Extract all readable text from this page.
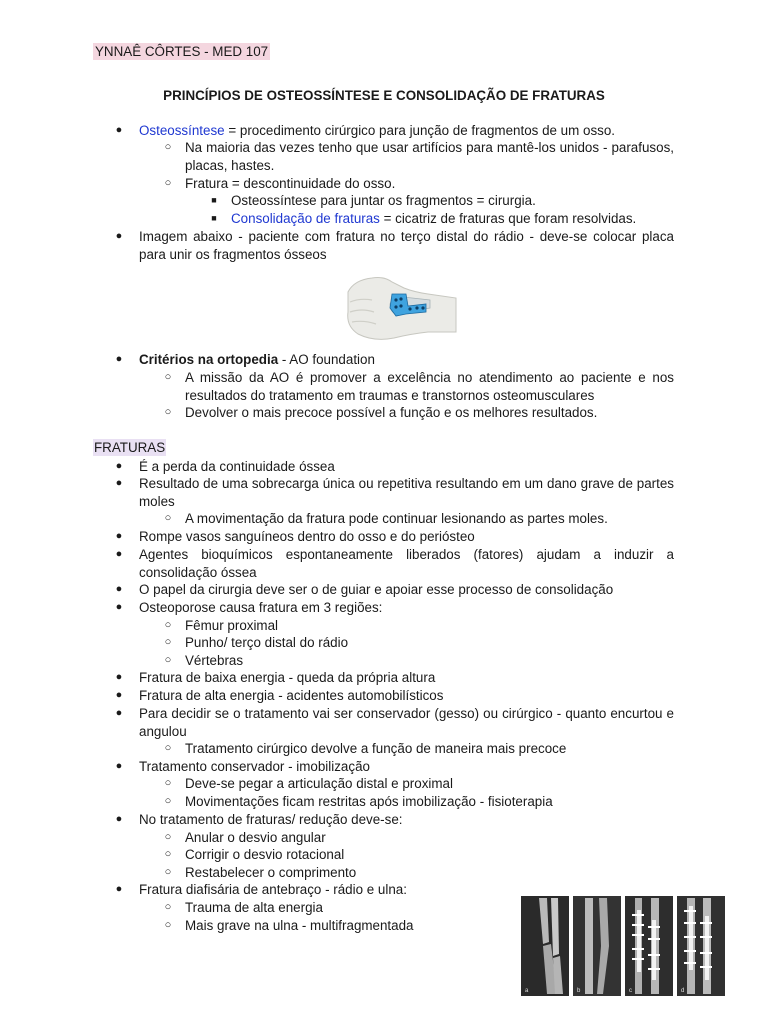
YNNAÊ CÔRTES - MED 107
PRINCÍPIOS DE OSTEOSSÍNTESE E CONSOLIDAÇÃO DE FRATURAS
● Osteossíntese = procedimento cirúrgico para junção de fragmentos de um osso.
○ Na maioria das vezes tenho que usar artifícios para mantê-los unidos - parafusos, placas, hastes.
○ Fratura = descontinuidade do osso.
■	Osteossíntese para juntar os fragmentos = cirurgia.
■	Consolidação de fraturas = cicatriz de fraturas que foram resolvidas.
● Imagem abaixo - paciente com fratura no terço distal do rádio - deve-se colocar placa para unir os fragmentos ósseos
● Critérios na ortopedia - AO foundation
○ A missão da AO é promover a excelência no atendimento ao paciente e nos resultados do tratamento em traumas e transtornos osteomusculares
○ Devolver o mais precoce possível a função e os melhores resultados.
FRATURAS
● É a perda da continuidade óssea
● Resultado de uma sobrecarga única ou repetitiva resultando em um dano grave de partes moles
○ A movimentação da fratura pode continuar lesionando as partes moles.
● Rompe vasos sanguíneos dentro do osso e do periósteo
● Agentes bioquímicos espontaneamente liberados (fatores) ajudam a induzir a consolidação óssea
● O papel da cirurgia deve ser o de guiar e apoiar esse processo de consolidação
● Osteoporose causa fratura em 3 regiões:
○ Fêmur proximal
○ Punho/ terço distal do rádio
○ Vértebras
● Fratura de baixa energia - queda da própria altura
● Fratura de alta energia - acidentes automobilísticos
● Para decidir se o tratamento vai ser conservador (gesso) ou cirúrgico - quanto encurtou e angulou
○ Tratamento cirúrgico devolve a função de maneira mais precoce
● Tratamento conservador - imobilização
○ Deve-se pegar a articulação distal e proximal
○ Movimentações ficam restritas após imobilização - fisioterapia
● No tratamento de fraturas/ redução deve-se:
○ Anular o desvio angular
○ Corrigir o desvio rotacional
○ Restabelecer o comprimento
● Fratura diafisária de antebraço - rádio e ulna:
○ Trauma de alta energia
○ Mais grave na ulna - multifragmentada
a	b	c	d
